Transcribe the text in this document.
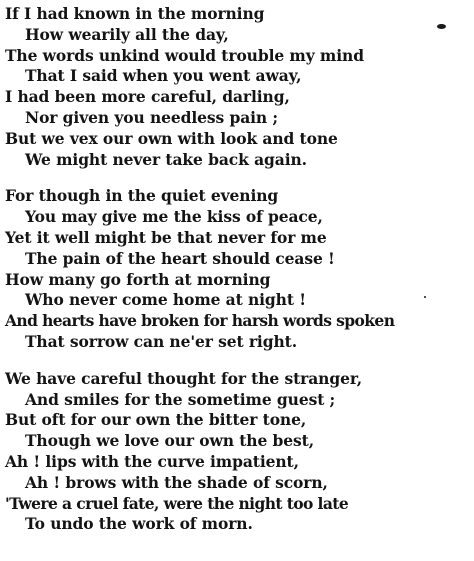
If I had known in the morning
How wearily all the day,
The words unkind would trouble my mind
That I said when you went away,
I had been more careful, darling,
Nor given you needless pain ;
But we vex our own with look and tone
We might never take back again.
For though in the quiet evening
You may give me the kiss of peace,
Yet it well might be that never for me
The pain of the heart should cease !
How many go forth at morning
Who never come home at night !
And hearts have broken for harsh words spoken
That sorrow can ne'er set right.
We have careful thought for the stranger,
And smiles for the sometime guest ;
But oft for our own the bitter tone,
Though we love our own the best,
Ah ! lips with the curve impatient,
Ah ! brows with the shade of scorn,
'Twere a cruel fate, were the night too late
To undo the work of morn.
